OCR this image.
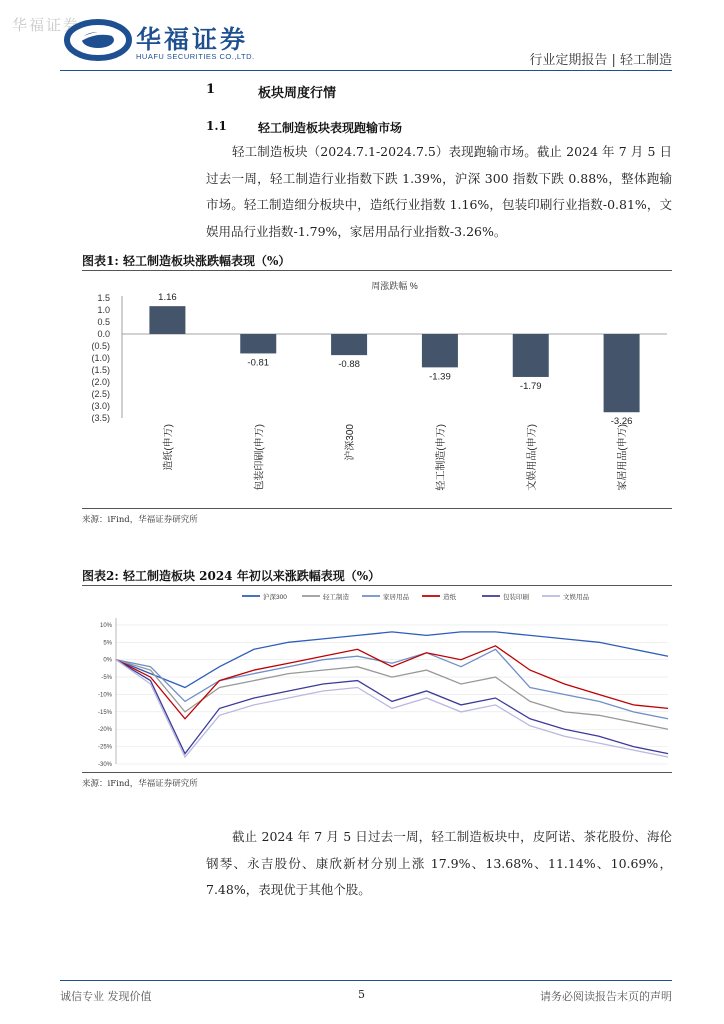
华福证券 华福证券
HUAFU SECURITIES CO.,LTD.	行业定期报告 | 轻工制造
1	板块周度行情
1.1	轻工制造板块表现跑输市场
轻工制造板块（2024.7.1-2024.7.5）表现跑输市场。截止 2024 年 7 月 5 日过去一周，轻工制造行业指数下跌 1.39%，沪深 300 指数下跌 0.88%，整体跑输市场。轻工制造细分板块中，造纸行业指数 1.16%，包装印刷行业指数-0.81%，文娱用品行业指数-1.79%，家居用品行业指数-3.26%。
图表1: 轻工制造板块涨跌幅表现（%）
周涨跌幅 %
1.5
1.0
0.5
0.0
(0.5)
(1.0)
(1.5)
(2.0)
(2.5)
(3.0)
(3.5)
1.16
造纸(申万)
-0.81
包装印刷(申万)
-0.88
沪深300
-1.39
轻工制造(申万)
-1.79
文娱用品(申万)
-3.26
家居用品(申万)
来源：iFind，华福证券研究所
图表2: 轻工制造板块 2024 年初以来涨跌幅表现（%）
沪深300	轻工制造	家居用品	造纸	包装印刷	文娱用品
10%
5%
0%
-5%
-10%
-15%
-20%
-25%
-30%
来源：iFind，华福证券研究所
截止 2024 年 7 月 5 日过去一周，轻工制造板块中，皮阿诺、茶花股份、海伦钢琴、永吉股份、康欣新材分别上涨 17.9%、13.68%、11.14%、10.69%，7.48%，表现优于其他个股。
诚信专业 发现价值	5	请务必阅读报告末页的声明
